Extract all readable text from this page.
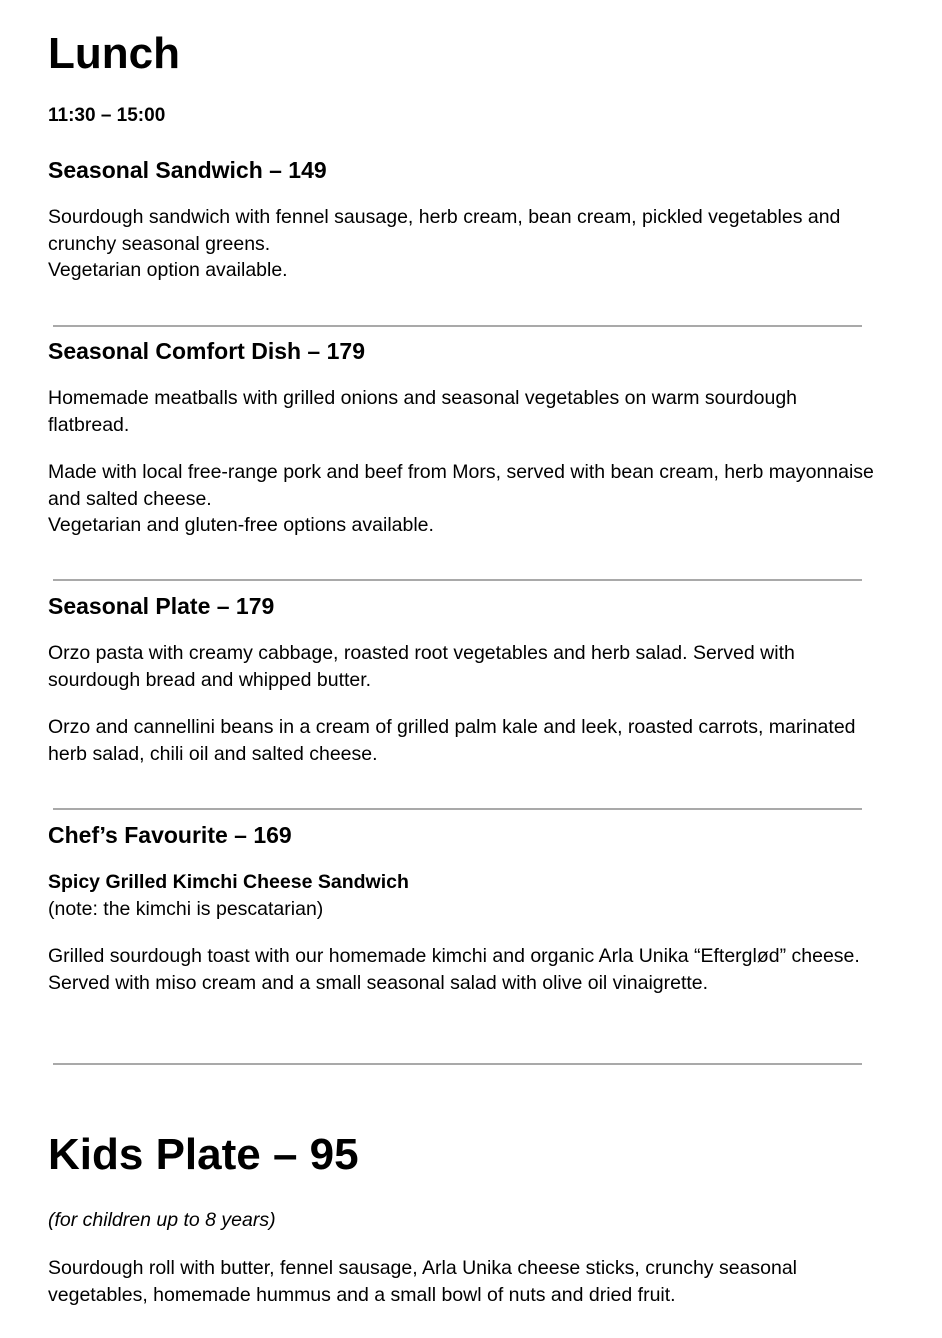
Lunch

11:30 – 15:00

Seasonal Sandwich – 149

Sourdough sandwich with fennel sausage, herb cream, bean cream, pickled vegetables and crunchy seasonal greens.

Vegetarian option available.

Seasonal Comfort Dish – 179

Homemade meatballs with grilled onions and seasonal vegetables on warm sourdough flatbread.

Made with local free-range pork and beef from Mors, served with bean cream, herb mayonnaise and salted cheese.

Vegetarian and gluten-free options available.

Seasonal Plate – 179

Orzo pasta with creamy cabbage, roasted root vegetables and herb salad. Served with sourdough bread and whipped butter.

Orzo and cannellini beans in a cream of grilled palm kale and leek, roasted carrots, marinated herb salad, chili oil and salted cheese.

Chef’s Favourite – 169

Spicy Grilled Kimchi Cheese Sandwich

(note: the kimchi is pescatarian)

Grilled sourdough toast with our homemade kimchi and organic Arla Unika “Efterglød” cheese.

Served with miso cream and a small seasonal salad with olive oil vinaigrette.

Kids Plate – 95

(for children up to 8 years)

Sourdough roll with butter, fennel sausage, Arla Unika cheese sticks, crunchy seasonal vegetables, homemade hummus and a small bowl of nuts and dried fruit.
